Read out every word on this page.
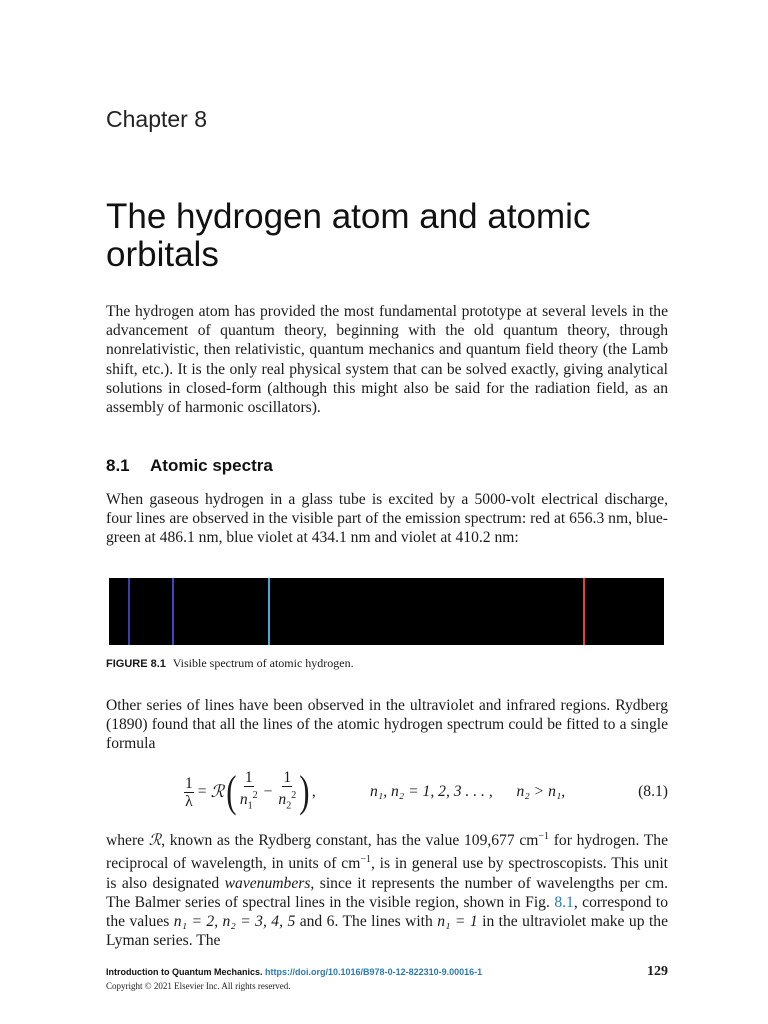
Chapter 8
The hydrogen atom and atomic orbitals

The hydrogen atom has provided the most fundamental prototype at several levels in the advancement of quantum theory, beginning with the old quantum theory, through nonrelativistic, then relativistic, quantum mechanics and quantum field theory (the Lamb shift, etc.). It is the only real physical system that can be solved exactly, giving analytical solutions in closed-form (although this might also be said for the radiation field, as an assembly of harmonic oscillators).

8.1 Atomic spectra

When gaseous hydrogen in a glass tube is excited by a 5000-volt electrical discharge, four lines are observed in the visible part of the emission spectrum: red at 656.3 nm, blue-green at 486.1 nm, blue violet at 434.1 nm and violet at 410.2 nm:

FIGURE 8.1 Visible spectrum of atomic hydrogen.

Other series of lines have been observed in the ultraviolet and infrared regions. Rydberg (1890) found that all the lines of the atomic hydrogen spectrum could be fitted to a single formula

$\frac{1}{\lambda}$ = ℛ ( $\frac{1}{n_1^2} - \frac{1}{n_2^2}$ ) ,	n₁, n₂ = 1, 2, 3 . . . , n₂ > n₁,	(8.1)

where ℛ, known as the Rydberg constant, has the value 109,677 $cm^{-1}$ for hydrogen. The reciprocal of wavelength, in units of $cm^{-1}$, is in general use by spectroscopists. This unit is also designated wavenumbers, since it represents the number of wavelengths per cm. The Balmer series of spectral lines in the visible region, shown in Fig. 8.1, correspond to the values n₁ = 2, n₂ = 3, 4, 5 and 6. The lines with n₁ = 1 in the ultraviolet make up the Lyman series. The

Introduction to Quantum Mechanics. https://doi.org/10.1016/B978-0-12-822310-9.00016-1
Copyright © 2021 Elsevier Inc. All rights reserved.
129
